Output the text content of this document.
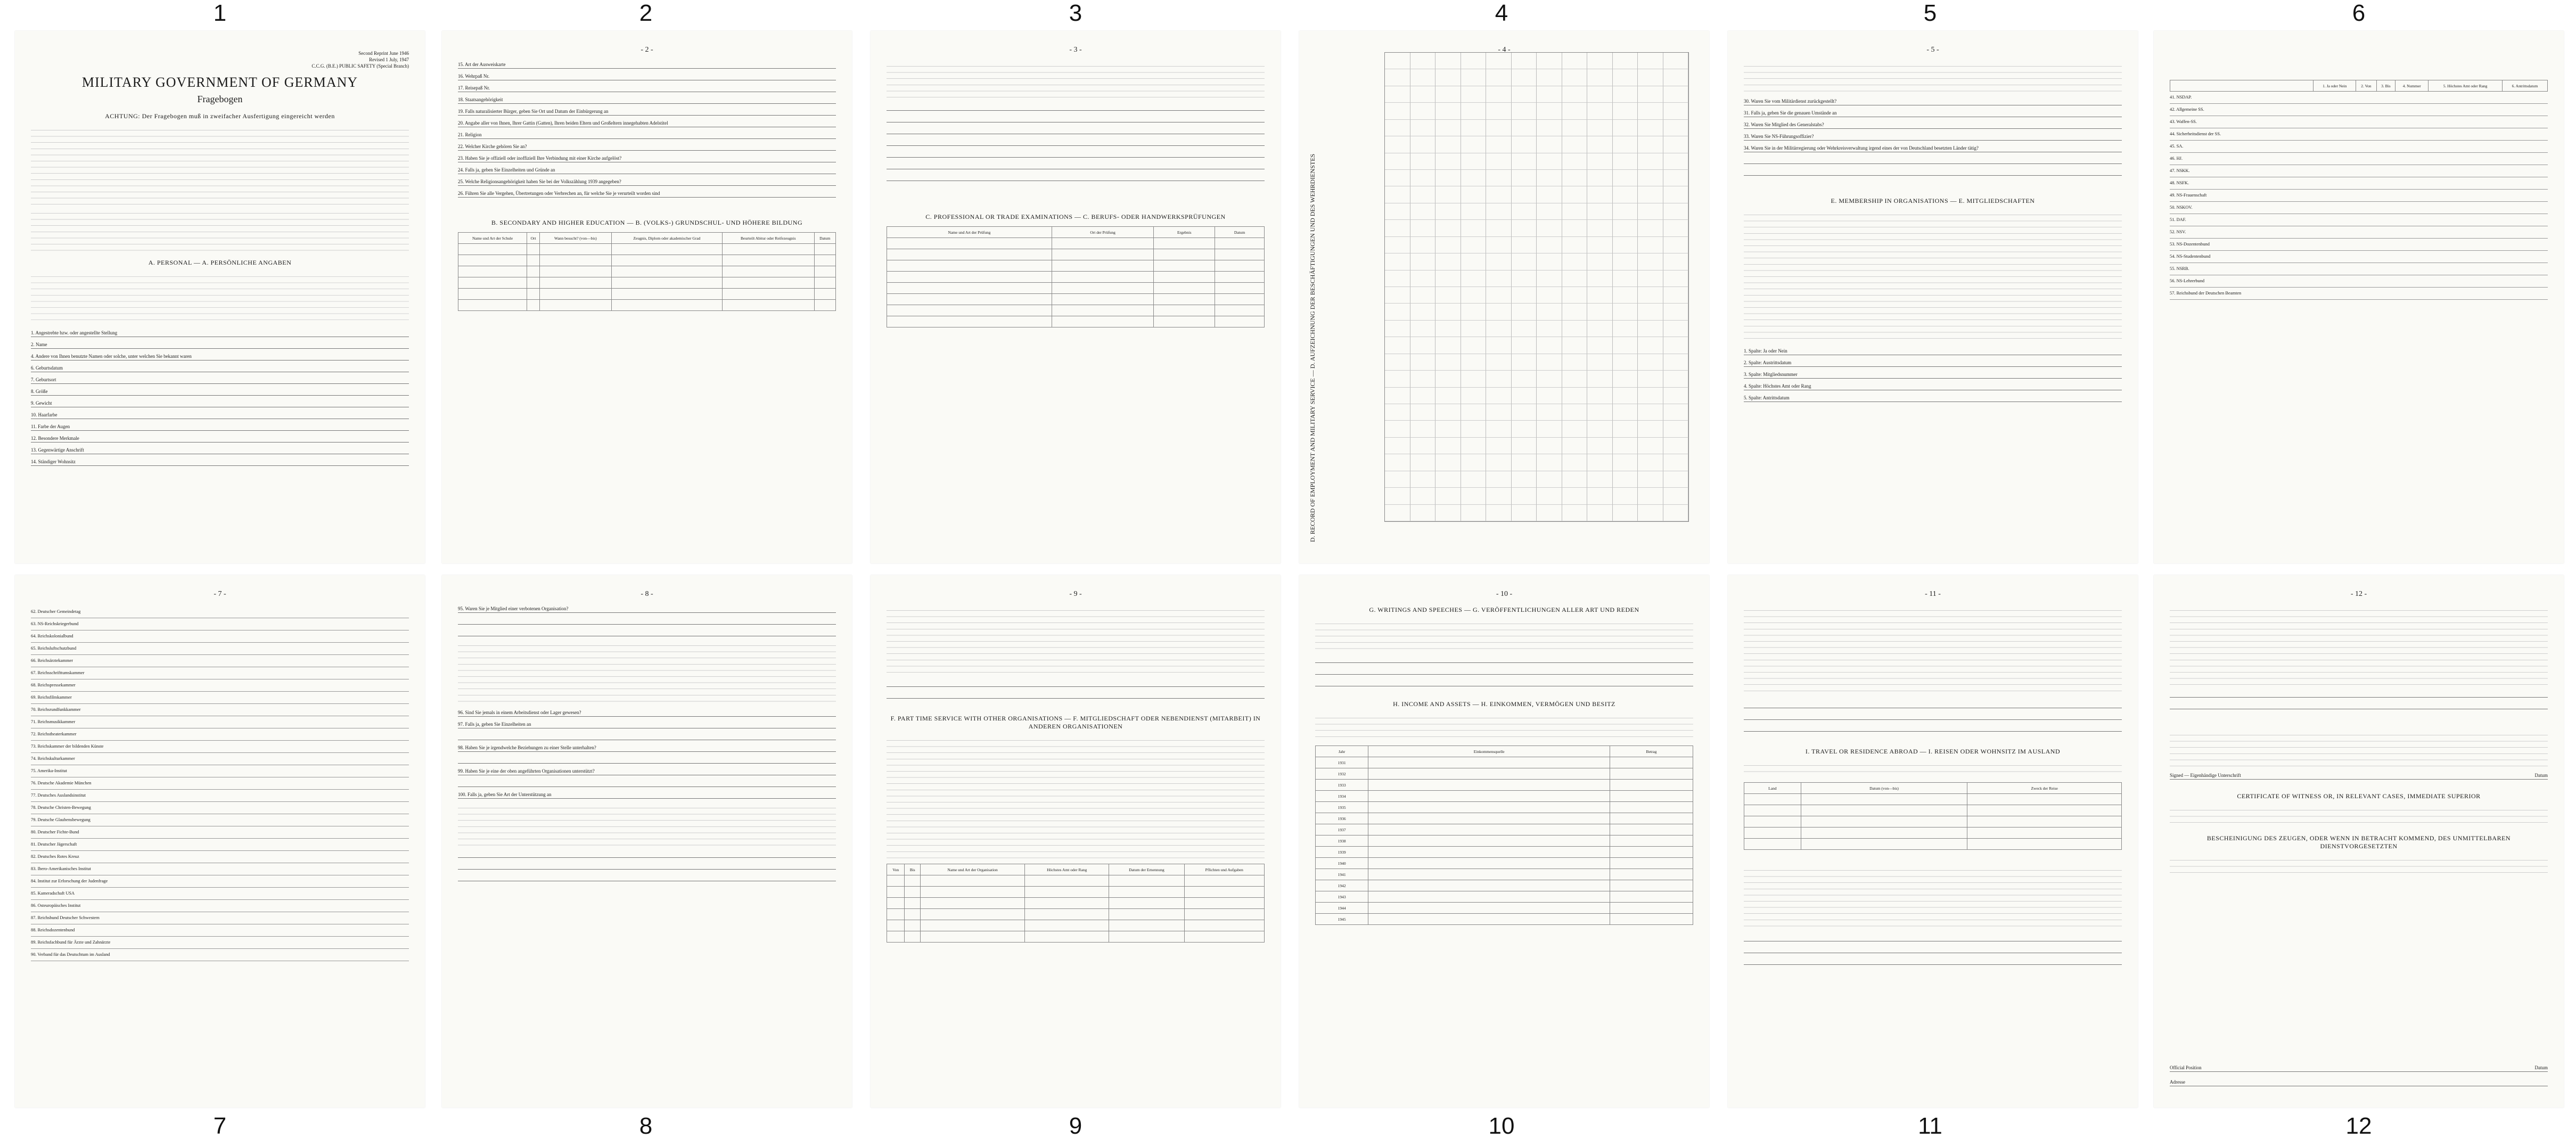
1	2	3	4	5	6
7	8	9	10	11	12
Second Reprint June 1946
Revised 1 July, 1947
C.C.G. (B.E.) PUBLIC SAFETY (Special Branch)
MILITARY GOVERNMENT OF GERMANY
Fragebogen
ACHTUNG: Der Fragebogen muß in zweifacher Ausfertigung eingereicht werden
A. PERSONAL — A. PERSÖNLICHE ANGABEN
1. Angestrebte bzw. oder angestellte Stellung
2. Name
4. Andere von Ihnen benutzte Namen oder solche, unter welchen Sie bekannt waren
6. Geburtsdatum
7. Geburtsort
8. Größe
9. Gewicht
10. Haarfarbe
11. Farbe der Augen
12. Besondere Merkmale
13. Gegenwärtige Anschrift
14. Ständiger Wohnsitz
- 2 -
15. Art der Ausweiskarte
16. Wehrpaß Nr.
17. Reisepaß Nr.
18. Staatsangehörigkeit
19. Falls naturalisierter Bürger, geben Sie Ort und Datum der Einbürgerung an
20. Angabe aller von Ihnen, Ihrer Gattin (Gatten), Ihren beiden Eltern und Großeltern innegehabten Adelstitel
21. Religion
22. Welcher Kirche gehören Sie an?
23. Haben Sie je offiziell oder inoffiziell Ihre Verbindung mit einer Kirche aufgelöst?
24. Falls ja, geben Sie Einzelheiten und Gründe an
25. Welche Religionsangehörigkeit haben Sie bei der Volkszählung 1939 angegeben?
26. Führen Sie alle Vergehen, Übertretungen oder Verbrechen an, für welche Sie je verurteilt worden sind
B. SECONDARY AND HIGHER EDUCATION — B. (VOLKS-) GRUNDSCHUL- UND HÖHERE BILDUNG
Name und Art der Schule	Ort	Wann besucht? (von—bis)	Zeugnis, Diplom oder akademischer Grad	Beurteilt Abitur oder Reifezeugnis	Datum

- 3 -

C. PROFESSIONAL OR TRADE EXAMINATIONS — C. BERUFS- ODER HANDWERKSPRÜFUNGEN
Name und Art der Prüfung	Ort der Prüfung	Ergebnis	Datum

- 4 -
D. RECORD OF EMPLOYMENT AND MILITARY SERVICE — D. AUFZEICHNUNG DER BESCHÄFTIGUNGEN UND DES WEHRDIENSTES
- 5 -
30. Waren Sie vom Militärdienst zurückgestellt?
31. Falls ja, geben Sie die genauen Umstände an
32. Waren Sie Mitglied des Generalstabs?
33. Waren Sie NS-Führungsoffizier?
34. Waren Sie in der Militärregierung oder Wehrkreisverwaltung irgend eines der von Deutschland besetzten Länder tätig?

E. MEMBERSHIP IN ORGANISATIONS — E. MITGLIEDSCHAFTEN
1. Spalte: Ja oder Nein
2. Spalte: Austrittsdatum
3. Spalte: Mitgliedsnummer
4. Spalte: Höchstes Amt oder Rang
5. Spalte: Antrittsdatum
	1. Ja oder Nein	2. Von	3. Bis	4. Nummer	5. Höchstes Amt oder Rang	6. Antrittsdatum
41. NSDAP.
42. Allgemeine SS.
43. Waffen-SS.
44. Sicherheitsdienst der SS.
45. SA.
46. HJ.
47. NSKK.
48. NSFK.
49. NS-Frauenschaft
50. NSKOV.
51. DAF.
52. NSV.
53. NS-Dozentenbund
54. NS-Studentenbund
55. NSRB.
56. NS-Lehrerbund
57. Reichsbund der Deutschen Beamten
- 7 -
62. Deutscher Gemeindetag
63. NS-Reichskriegerbund
64. Reichskolonialbund
65. Reichsluftschutzbund
66. Reichsärztekammer
67. Reichsschrifttumskammer
68. Reichspressekammer
69. Reichsfilmkammer
70. Reichsrundfunkkammer
71. Reichsmusikkammer
72. Reichstheaterkammer
73. Reichskammer der bildenden Künste
74. Reichskulturkammer
75. Amerika-Institut
76. Deutsche Akademie München
77. Deutsches Auslandsinstitut
78. Deutsche Christen-Bewegung
79. Deutsche Glaubensbewegung
80. Deutscher Fichte-Bund
81. Deutscher Jägerschaft
82. Deutsches Rotes Kreuz
83. Ibero-Amerikanisches Institut
84. Institut zur Erforschung der Judenfrage
85. Kameradschaft USA
86. Osteuropäisches Institut
87. Reichsbund Deutscher Schwestern
88. Reichsdozentenbund
89. Reichsfachbund für Ärzte und Zahnärzte
90. Verband für das Deutschtum im Ausland
- 8 -
95. Waren Sie je Mitglied einer verbotenen Organisation?

96. Sind Sie jemals in einem Arbeitsdienst oder Lager gewesen?
97. Falls ja, geben Sie Einzelheiten an

98. Haben Sie je irgendwelche Beziehungen zu einer Stelle unterhalten?

99. Haben Sie je eine der oben angeführten Organisationen unterstützt?

100. Falls ja, geben Sie Art der Unterstützung an

- 9 -

F. PART TIME SERVICE WITH OTHER ORGANISATIONS — F. MITGLIEDSCHAFT ODER NEBENDIENST (MITARBEIT) IN ANDEREN ORGANISATIONEN
Von	Bis	Name und Art der Organisation	Höchstes Amt oder Rang	Datum der Ernennung	Pflichten und Aufgaben

- 10 -
G. WRITINGS AND SPEECHES — G. VERÖFFENTLICHUNGEN ALLER ART UND REDEN

H. INCOME AND ASSETS — H. EINKOMMEN, VERMÖGEN UND BESITZ
Jahr	Einkommensquelle	Betrag
1931		
1932		
1933		
1934		
1935		
1936		
1937		
1938		
1939		
1940		
1941		
1942		
1943		
1944		
1945		
- 11 -

I. TRAVEL OR RESIDENCE ABROAD — I. REISEN ODER WOHNSITZ IM AUSLAND
Land	Datum (von—bis)	Zweck der Reise

- 12 -

Signed — Eigenhändige Unterschrift	Datum
CERTIFICATE OF WITNESS OR, IN RELEVANT CASES, IMMEDIATE SUPERIOR
BESCHEINIGUNG DES ZEUGEN, ODER WENN IN BETRACHT KOMMEND, DES UNMITTELBAREN DIENSTVORGESETZTEN
Official Position	Datum
Adresse
